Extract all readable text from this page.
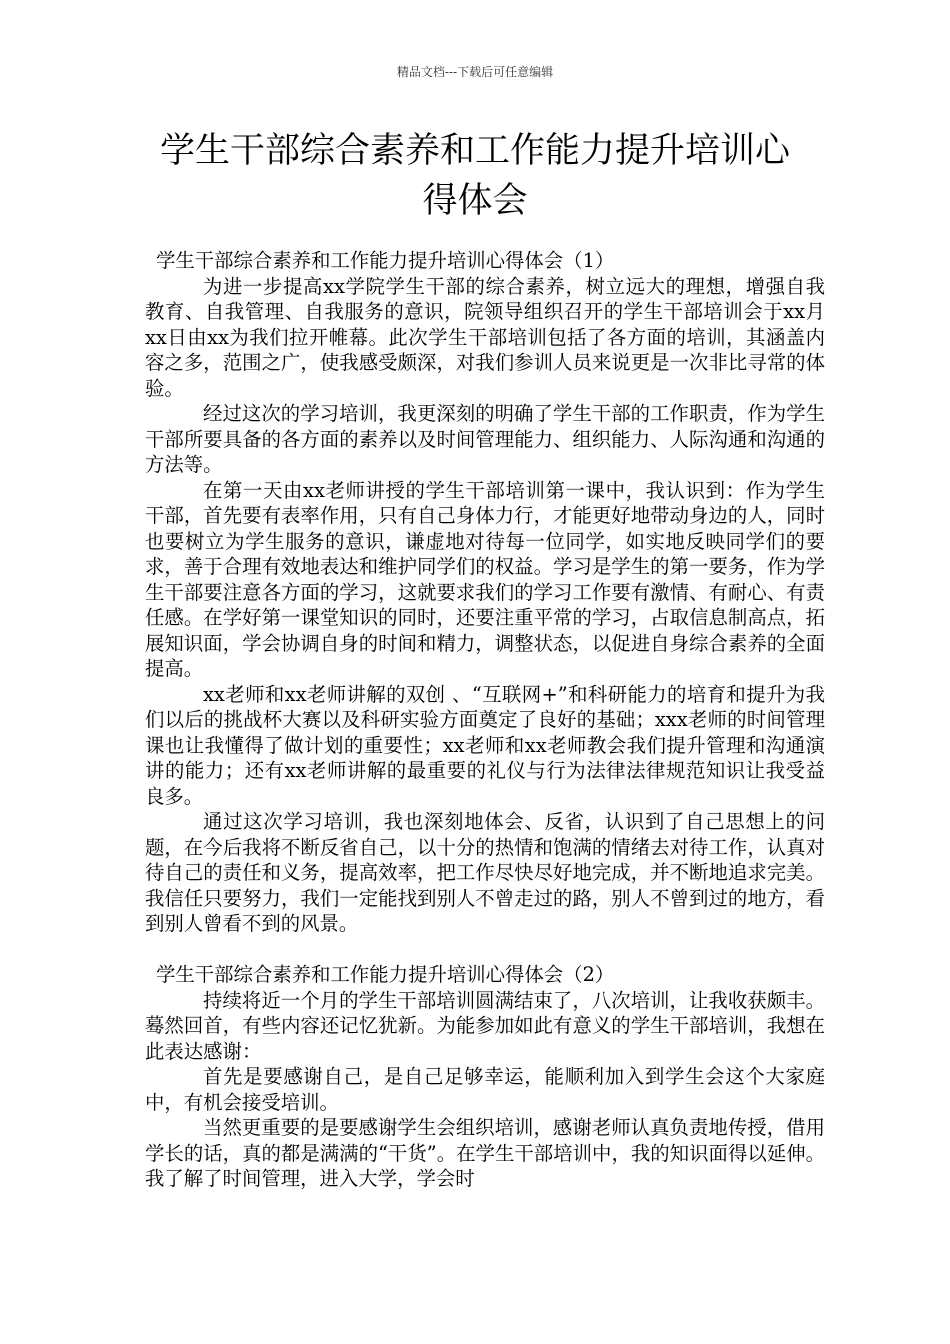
精品文档---下载后可任意编辑
学生干部综合素养和工作能力提升培训心
得体会
学生干部综合素养和工作能力提升培训心得体会（1）

为进一步提高xx学院学生干部的综合素养，树立远大的理想，增强自我教育、自我管理、自我服务的意识，院领导组织召开的学生干部培训会于xx月xx日由xx为我们拉开帷幕。此次学生干部培训包括了各方面的培训，其涵盖内容之多，范围之广，使我感受颇深，对我们参训人员来说更是一次非比寻常的体验。

经过这次的学习培训，我更深刻的明确了学生干部的工作职责，作为学生干部所要具备的各方面的素养以及时间管理能力、组织能力、人际沟通和沟通的方法等。

在第一天由xx老师讲授的学生干部培训第一课中，我认识到：作为学生干部，首先要有表率作用，只有自己身体力行，才能更好地带动身边的人，同时也要树立为学生服务的意识，谦虚地对待每一位同学，如实地反映同学们的要求，善于合理有效地表达和维护同学们的权益。学习是学生的第一要务，作为学生干部要注意各方面的学习，这就要求我们的学习工作要有激情、有耐心、有责任感。在学好第一课堂知识的同时，还要注重平常的学习，占取信息制高点，拓展知识面，学会协调自身的时间和精力，调整状态，以促进自身综合素养的全面提高。

xx老师和xx老师讲解的双创 、“互联网+”和科研能力的培育和提升为我们以后的挑战杯大赛以及科研实验方面奠定了良好的基础；xxx老师的时间管理课也让我懂得了做计划的重要性；xx老师和xx老师教会我们提升管理和沟通演讲的能力；还有xx老师讲解的最重要的礼仪与行为法律法律规范知识让我受益良多。

通过这次学习培训，我也深刻地体会、反省，认识到了自己思想上的问题，在今后我将不断反省自己，以十分的热情和饱满的情绪去对待工作，认真对待自己的责任和义务，提高效率，把工作尽快尽好地完成，并不断地追求完美。我信任只要努力，我们一定能找到别人不曾走过的路，别人不曾到过的地方，看到别人曾看不到的风景。

学生干部综合素养和工作能力提升培训心得体会（2）

持续将近一个月的学生干部培训圆满结束了，八次培训，让我收获颇丰。蓦然回首，有些内容还记忆犹新。为能参加如此有意义的学生干部培训，我想在此表达感谢：

首先是要感谢自己，是自己足够幸运，能顺利加入到学生会这个大家庭中，有机会接受培训。

当然更重要的是要感谢学生会组织培训，感谢老师认真负责地传授，借用学长的话，真的都是满满的“干货”。在学生干部培训中，我的知识面得以延伸。我了解了时间管理，进入大学，学会时
